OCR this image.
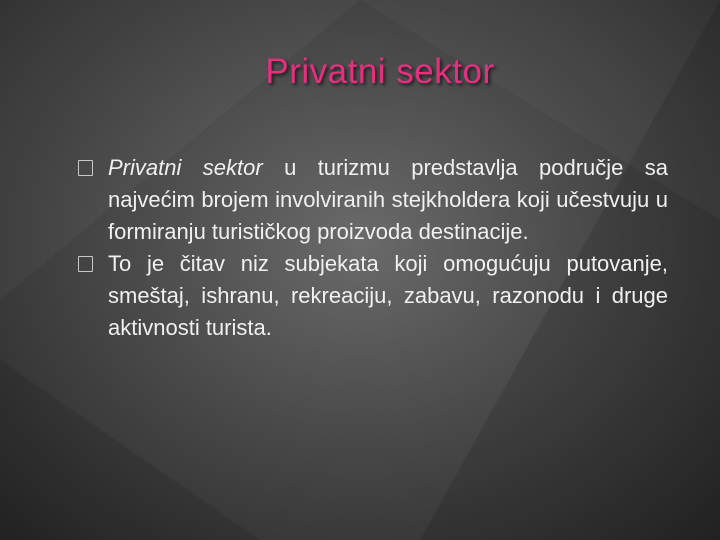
Privatni sektor
Privatni sektor u turizmu predstavlja područje sa najvećim brojem involviranih stejkholdera koji učestvuju u formiranju turističkog proizvoda destinacije.
To je čitav niz subjekata koji omogućuju putovanje, smeštaj, ishranu, rekreaciju, zabavu, razonodu i druge aktivnosti turista.
